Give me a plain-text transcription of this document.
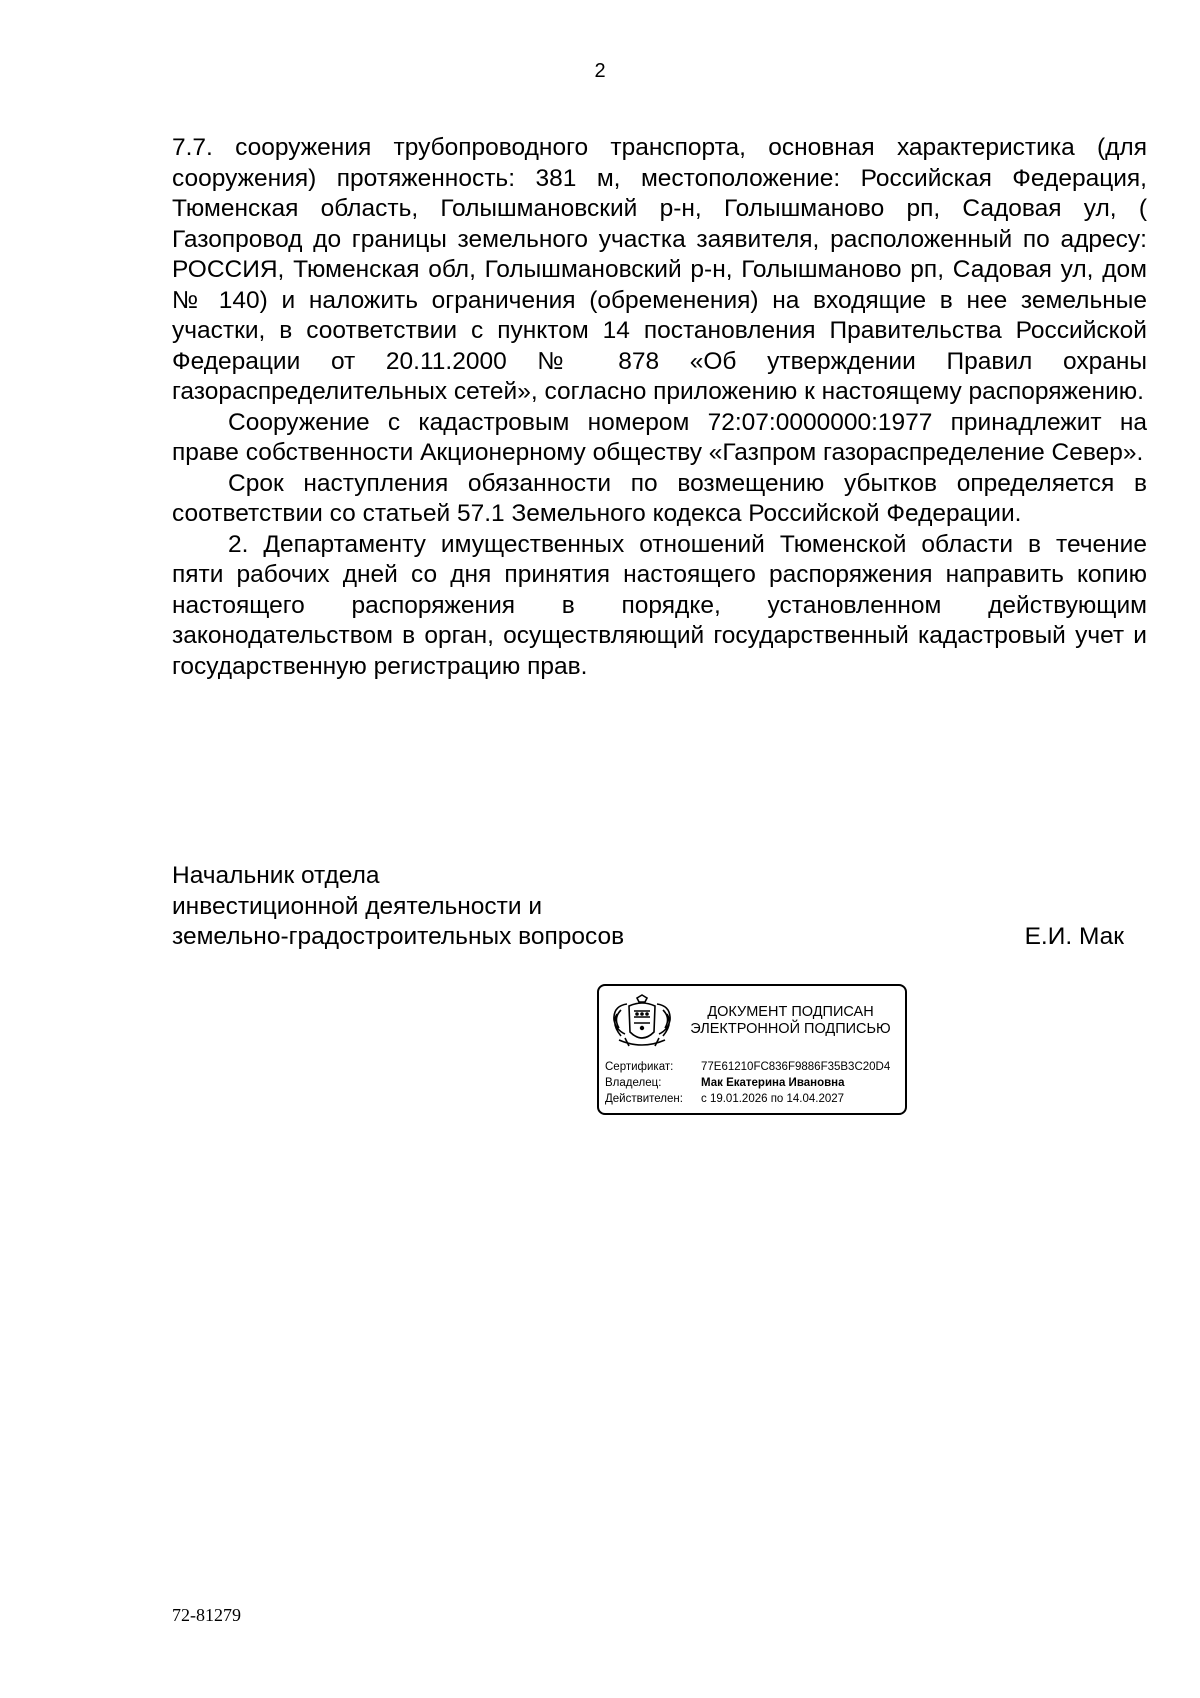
2

7.7. сооружения трубопроводного транспорта, основная характеристика (для сооружения) протяженность: 381 м, местоположение: Российская Федерация, Тюменская область, Голышмановский р-н, Голышманово рп, Садовая ул, ( Газопровод до границы земельного участка заявителя, расположенный по адресу: РОССИЯ, Тюменская обл, Голышмановский р-н, Голышманово рп, Садовая ул, дом № 140) и наложить ограничения (обременения) на входящие в нее земельные участки, в соответствии с пунктом 14 постановления Правительства Российской Федерации от 20.11.2000 № 878 «Об утверждении Правил охраны газораспределительных сетей», согласно приложению к настоящему распоряжению.

Сооружение с кадастровым номером 72:07:0000000:1977 принадлежит на праве собственности Акционерному обществу «Газпром газораспределение Север».

Срок наступления обязанности по возмещению убытков определяется в соответствии со статьей 57.1 Земельного кодекса Российской Федерации.

2. Департаменту имущественных отношений Тюменской области в течение пяти рабочих дней со дня принятия настоящего распоряжения направить копию настоящего распоряжения в порядке, установленном действующим законодательством в орган, осуществляющий государственный кадастровый учет и государственную регистрацию прав.

Начальник отдела
инвестиционной деятельности и
земельно-градостроительных вопросов	Е.И. Мак
ДОКУМЕНТ ПОДПИСАН
ЭЛЕКТРОННОЙ ПОДПИСЬЮ
Сертификат:	77E61210FC836F9886F35B3C20D4
Владелец:	Мак Екатерина Ивановна
Действителен:	с 19.01.2026 по 14.04.2027
72-81279
